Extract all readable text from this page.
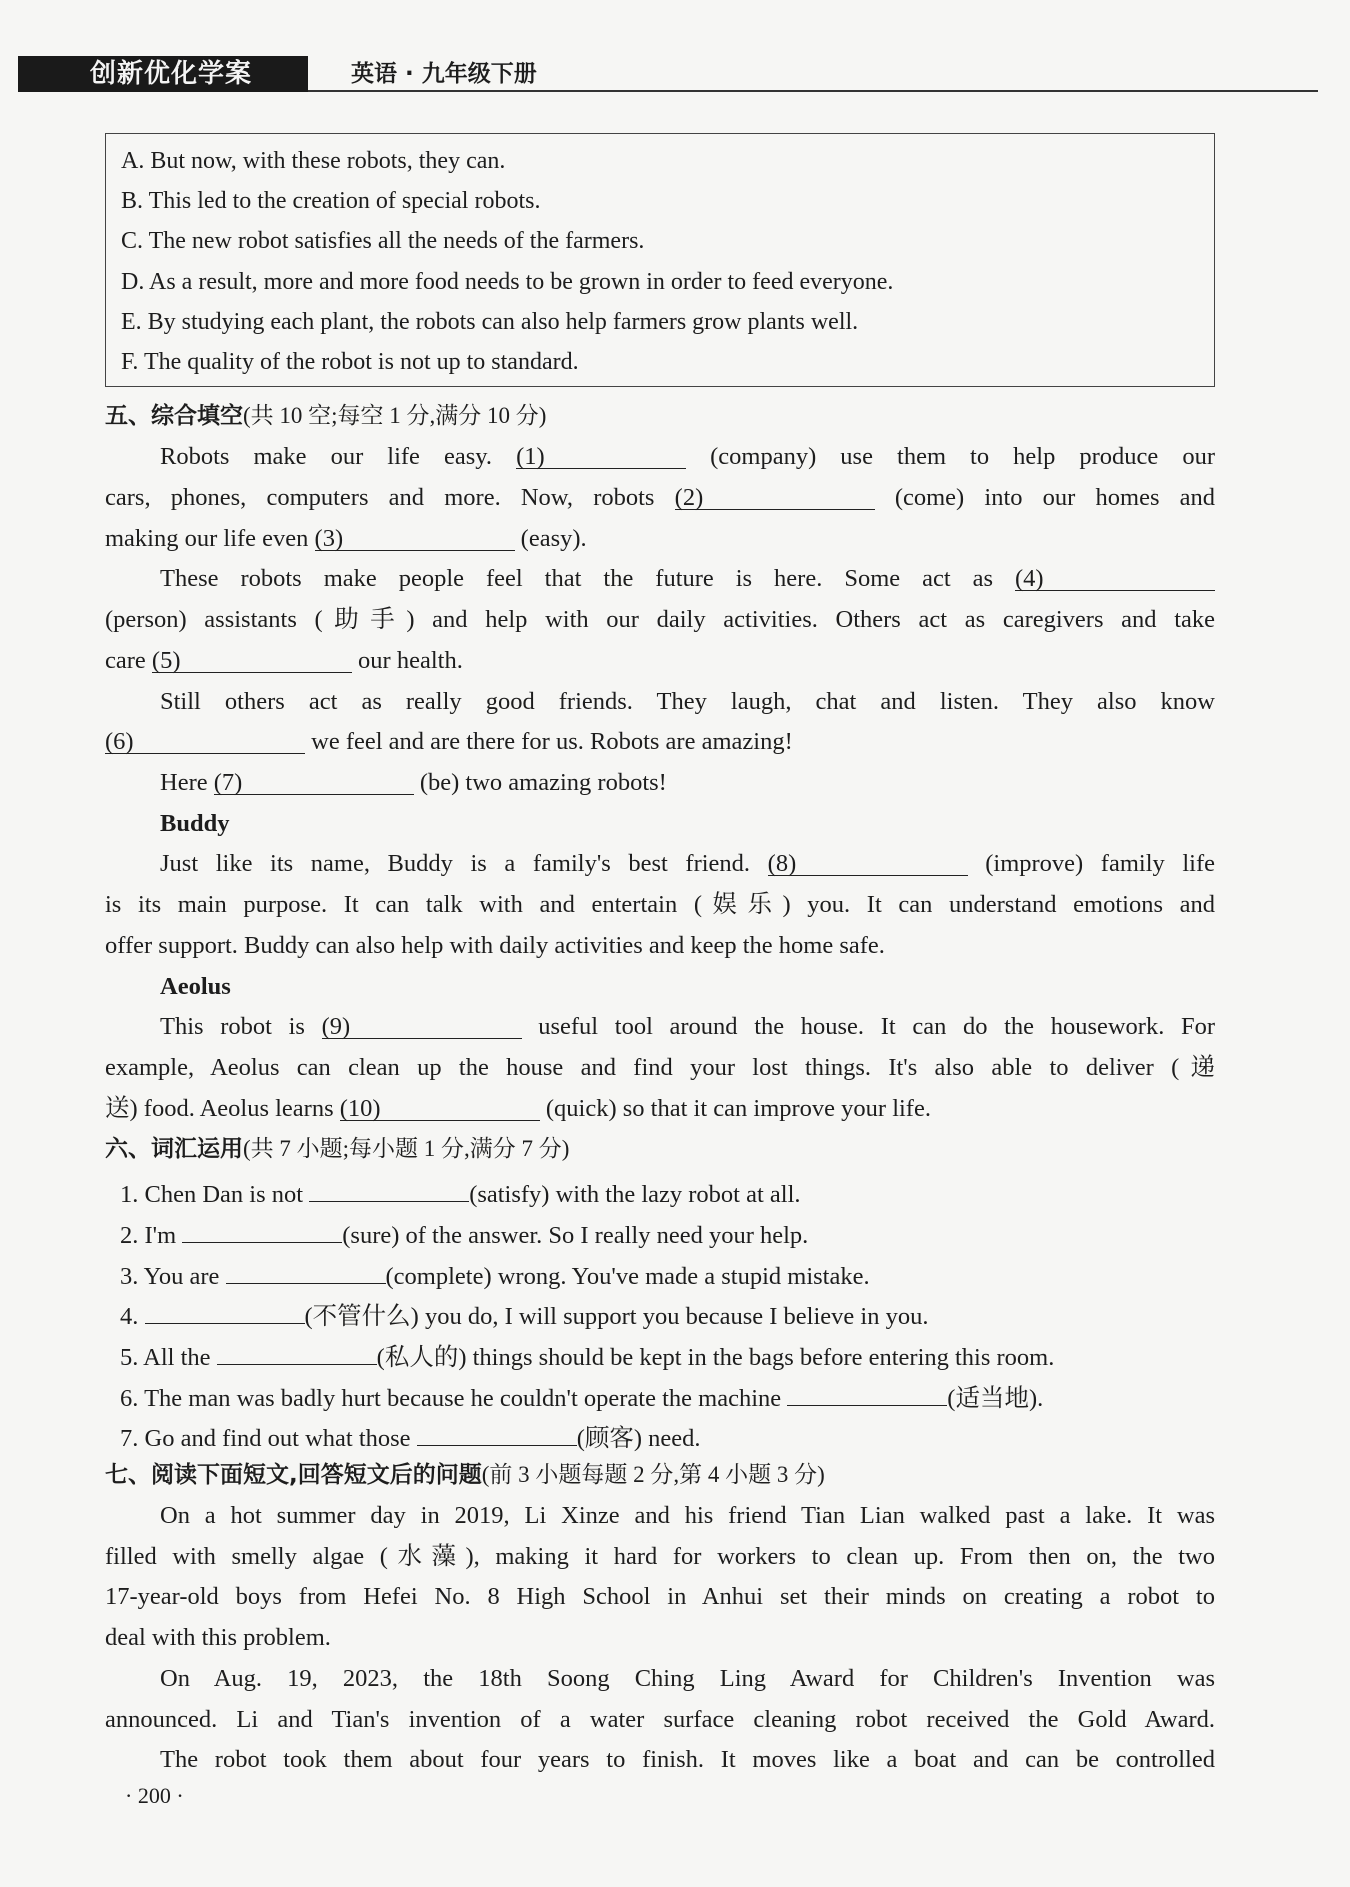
创新优化学案	英语 · 九年级下册
A. But now, with these robots, they can.
B. This led to the creation of special robots.
C. The new robot satisfies all the needs of the farmers.
D. As a result, more and more food needs to be grown in order to feed everyone.
E. By studying each plant, the robots can also help farmers grow plants well.
F. The quality of the robot is not up to standard.
五、综合填空(共 10 空;每空 1 分,满分 10 分)
Robots make our life easy. (1)	(company) use them to help produce our
cars, phones, computers and more. Now, robots (2)	(come) into our homes and
making our life even (3)	(easy).
These robots make people feel that the future is here. Some act as (4)
(person) assistants (助手) and help with our daily activities. Others act as caregivers and take
care (5)	our health.
Still others act as really good friends. They laugh, chat and listen. They also know
(6)	we feel and are there for us. Robots are amazing!
Here (7)	(be) two amazing robots!
Buddy
Just like its name, Buddy is a family's best friend. (8)	(improve) family life
is its main purpose. It can talk with and entertain (娱乐) you. It can understand emotions and
offer support. Buddy can also help with daily activities and keep the home safe.
Aeolus
This robot is (9)	useful tool around the house. It can do the housework. For
example, Aeolus can clean up the house and find your lost things. It's also able to deliver (递
送) food. Aeolus learns (10)	(quick) so that it can improve your life.
六、词汇运用(共 7 小题;每小题 1 分,满分 7 分)
1. Chen Dan is not	(satisfy) with the lazy robot at all.
2. I'm	(sure) of the answer. So I really need your help.
3. You are	(complete) wrong. You've made a stupid mistake.
4.	(不管什么) you do, I will support you because I believe in you.
5. All the	(私人的) things should be kept in the bags before entering this room.
6. The man was badly hurt because he couldn't operate the machine	(适当地).
7. Go and find out what those	(顾客) need.
七、阅读下面短文,回答短文后的问题(前 3 小题每题 2 分,第 4 小题 3 分)
On a hot summer day in 2019, Li Xinze and his friend Tian Lian walked past a lake. It was
filled with smelly algae (水藻), making it hard for workers to clean up. From then on, the two
17-year-old boys from Hefei No. 8 High School in Anhui set their minds on creating a robot to
deal with this problem.
On Aug. 19, 2023, the 18th Soong Ching Ling Award for Children's Invention was
announced. Li and Tian's invention of a water surface cleaning robot received the Gold Award.
The robot took them about four years to finish. It moves like a boat and can be controlled
· 200 ·
